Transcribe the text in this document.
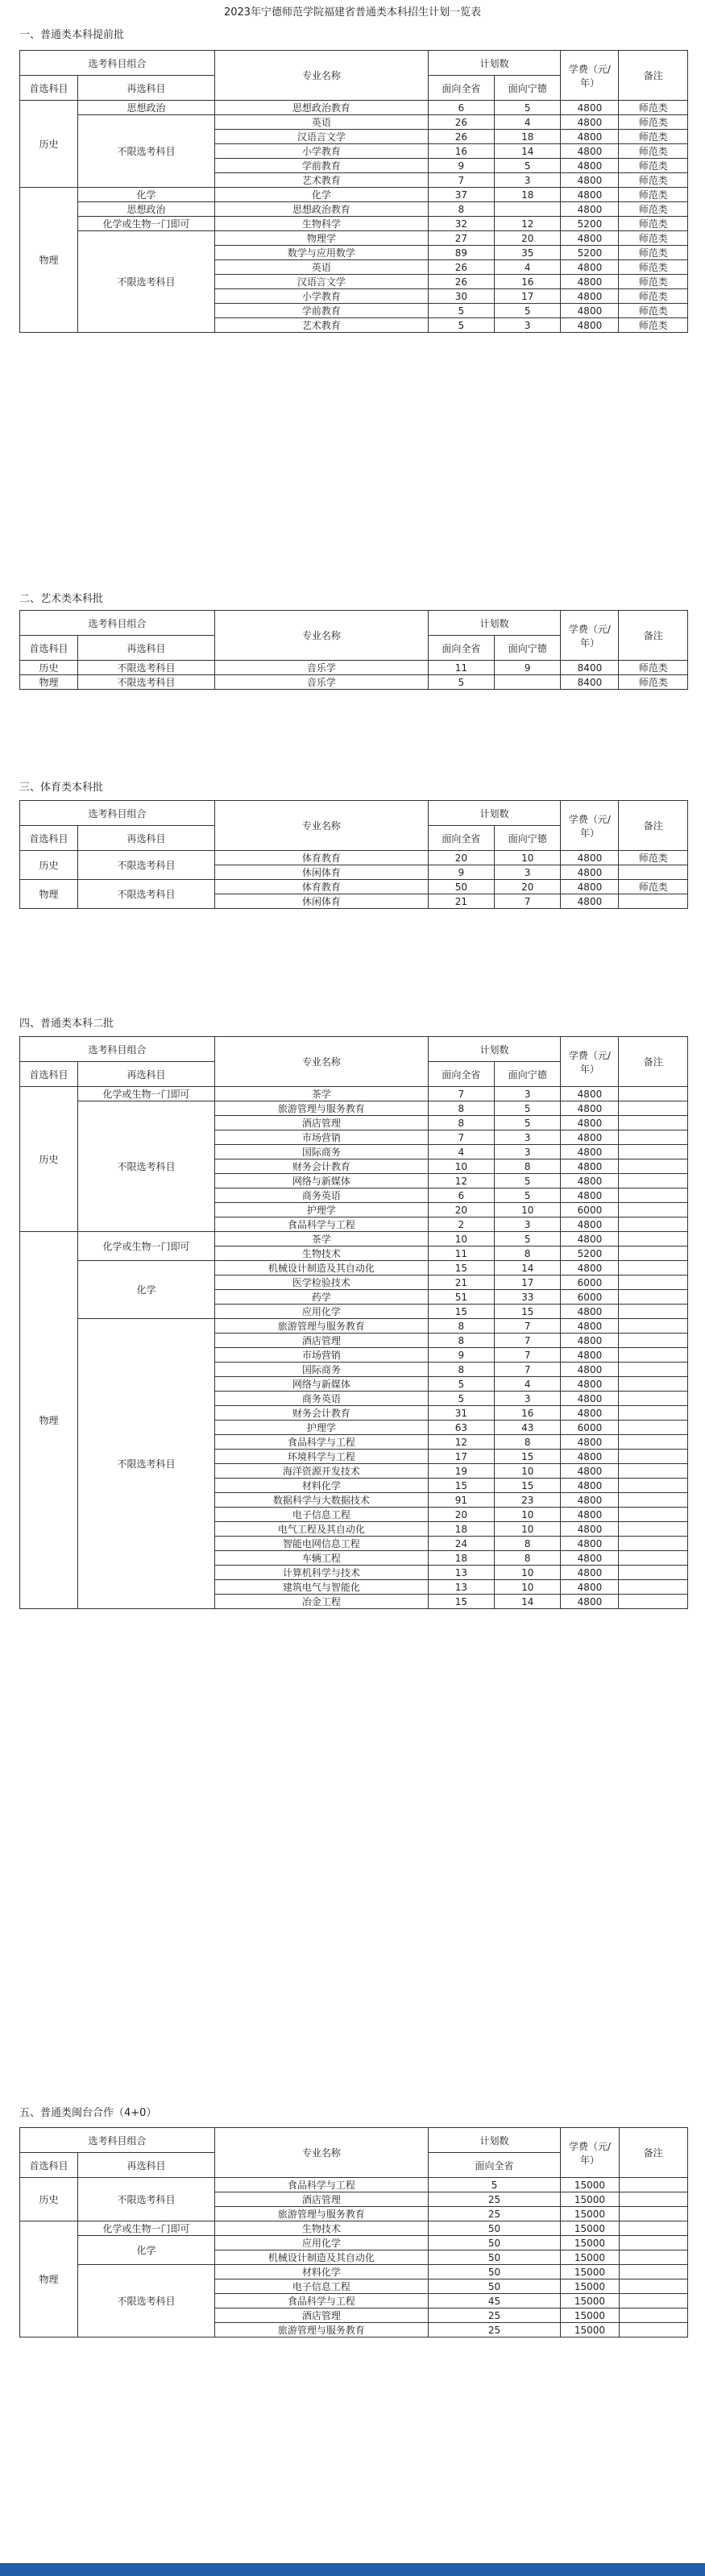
2023年宁德师范学院福建省普通类本科招生计划一览表
一、普通类本科提前批
选考科目组合		专业名称	计划数		学费（元/年）	备注
首选科目	再选科目		面向全省	面向宁德		
历史	思想政治	思想政治教育	6	5	4800	师范类
	不限选考科目	英语	26	4	4800	师范类
		汉语言文学	26	18	4800	师范类
		小学教育	16	14	4800	师范类
		学前教育	9	5	4800	师范类
		艺术教育	7	3	4800	师范类
物理	化学	化学	37	18	4800	师范类
	思想政治	思想政治教育	8		4800	师范类
	化学或生物一门即可	生物科学	32	12	5200	师范类
	不限选考科目	物理学	27	20	4800	师范类
		数学与应用数学	89	35	5200	师范类
		英语	26	4	4800	师范类
		汉语言文学	26	16	4800	师范类
		小学教育	30	17	4800	师范类
		学前教育	5	5	4800	师范类
		艺术教育	5	3	4800	师范类
二、艺术类本科批
选考科目组合		专业名称	计划数		学费（元/年）	备注
首选科目	再选科目		面向全省	面向宁德		
历史	不限选考科目	音乐学	11	9	8400	师范类
物理	不限选考科目	音乐学	5		8400	师范类
三、体育类本科批
选考科目组合		专业名称	计划数		学费（元/年）	备注
首选科目	再选科目		面向全省	面向宁德		
历史	不限选考科目	体育教育	20	10	4800	师范类
		休闲体育	9	3	4800	
物理	不限选考科目	体育教育	50	20	4800	师范类
		休闲体育	21	7	4800	
四、普通类本科二批
选考科目组合		专业名称	计划数		学费（元/年）	备注
首选科目	再选科目		面向全省	面向宁德		
历史	化学或生物一门即可	茶学	7	3	4800	
	不限选考科目	旅游管理与服务教育	8	5	4800	
		酒店管理	8	5	4800	
		市场营销	7	3	4800	
		国际商务	4	3	4800	
		财务会计教育	10	8	4800	
		网络与新媒体	12	5	4800	
		商务英语	6	5	4800	
		护理学	20	10	6000	
		食品科学与工程	2	3	4800	
物理	化学或生物一门即可	茶学	10	5	4800	
		生物技术	11	8	5200	
	化学	机械设计制造及其自动化	15	14	4800	
		医学检验技术	21	17	6000	
		药学	51	33	6000	
		应用化学	15	15	4800	
	不限选考科目	旅游管理与服务教育	8	7	4800	
		酒店管理	8	7	4800	
		市场营销	9	7	4800	
		国际商务	8	7	4800	
		网络与新媒体	5	4	4800	
		商务英语	5	3	4800	
		财务会计教育	31	16	4800	
		护理学	63	43	6000	
		食品科学与工程	12	8	4800	
		环境科学与工程	17	15	4800	
		海洋资源开发技术	19	10	4800	
		材料化学	15	15	4800	
		数据科学与大数据技术	91	23	4800	
		电子信息工程	20	10	4800	
		电气工程及其自动化	18	10	4800	
		智能电网信息工程	24	8	4800	
		车辆工程	18	8	4800	
		计算机科学与技术	13	10	4800	
		建筑电气与智能化	13	10	4800	
		冶金工程	15	14	4800	
五、普通类闽台合作（4+0）
选考科目组合		专业名称	计划数	学费（元/年）	备注
首选科目	再选科目		面向全省		
历史	不限选考科目	食品科学与工程	5	15000	
		酒店管理	25	15000	
		旅游管理与服务教育	25	15000	
物理	化学或生物一门即可	生物技术	50	15000	
	化学	应用化学	50	15000	
		机械设计制造及其自动化	50	15000	
	不限选考科目	材料化学	50	15000	
		电子信息工程	50	15000	
		食品科学与工程	45	15000	
		酒店管理	25	15000	
		旅游管理与服务教育	25	15000	
